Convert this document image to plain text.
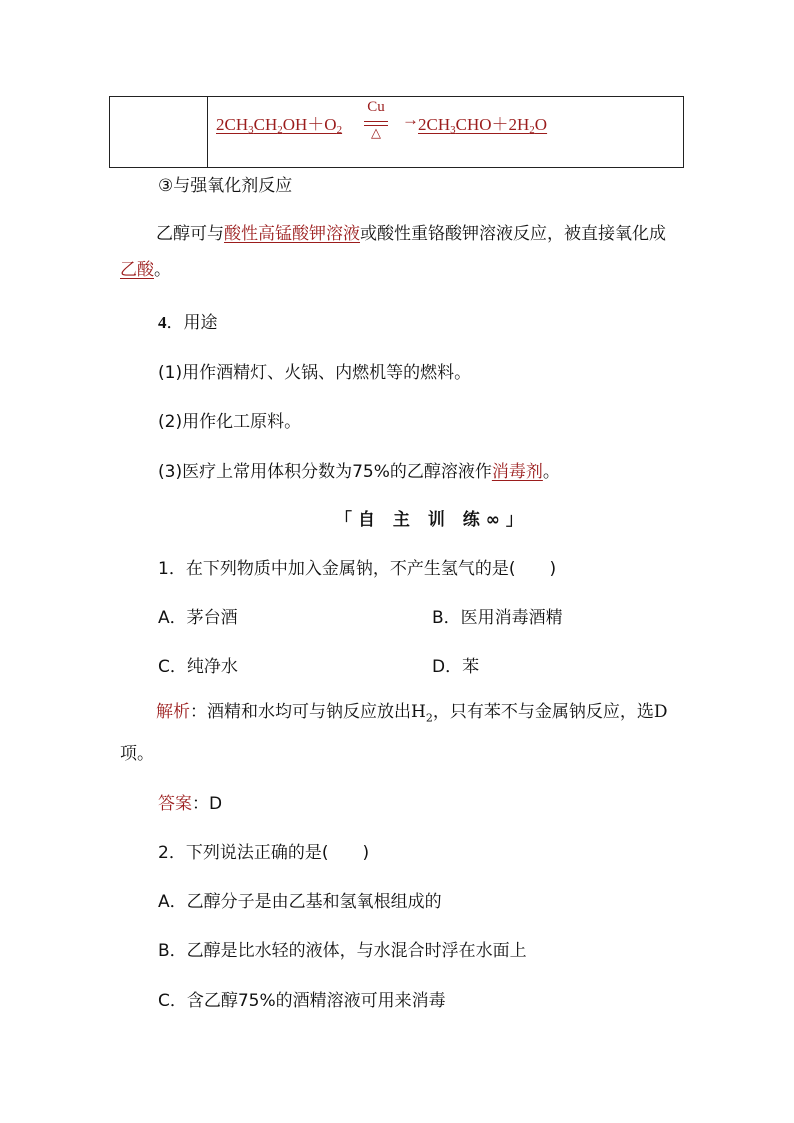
$2CH_3CH_2OH+O_2$
Cu
△
→ $2CH_3CHO+2H_2O$
③与强氧化剂反应
乙醇可与酸性高锰酸钾溶液或酸性重铬酸钾溶液反应，被直接氧化成乙酸。
4．用途
(1)用作酒精灯、火锅、内燃机等的燃料。
(2)用作化工原料。
(3)医疗上常用体积分数为75%的乙醇溶液作消毒剂。
「自 主 训 练∞」
1．在下列物质中加入金属钠，不产生氢气的是(　　)
A．茅台酒	B．医用消毒酒精
C．纯净水	D．苯
解析：酒精和水均可与钠反应放出$H_2$，只有苯不与金属钠反应，选D项。
答案：D
2．下列说法正确的是(　　)
A．乙醇分子是由乙基和氢氧根组成的
B．乙醇是比水轻的液体，与水混合时浮在水面上
C．含乙醇75%的酒精溶液可用来消毒
